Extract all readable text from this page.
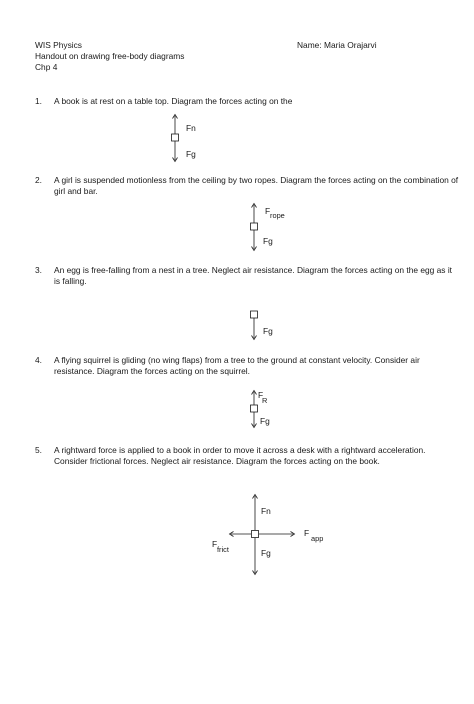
WIS Physics
Handout on drawing free-body diagrams
Chp 4
Name: Maria Orajarvi
1. A book is at rest on a table top. Diagram the forces acting on the
Fn
Fg
2. A girl is suspended motionless from the ceiling by two ropes. Diagram the forces acting on the combination of girl and bar.
F rope
Fg
3. An egg is free-falling from a nest in a tree. Neglect air resistance. Diagram the forces acting on the egg as it is falling.
Fg
4. A flying squirrel is gliding (no wing flaps) from a tree to the ground at constant velocity. Consider air resistance. Diagram the forces acting on the squirrel.
F
R
Fg
5. A rightward force is applied to a book in order to move it across a desk with a rightward acceleration. Consider frictional forces. Neglect air resistance. Diagram the forces acting on the book.
Fn
F
app
F
frict	Fg
